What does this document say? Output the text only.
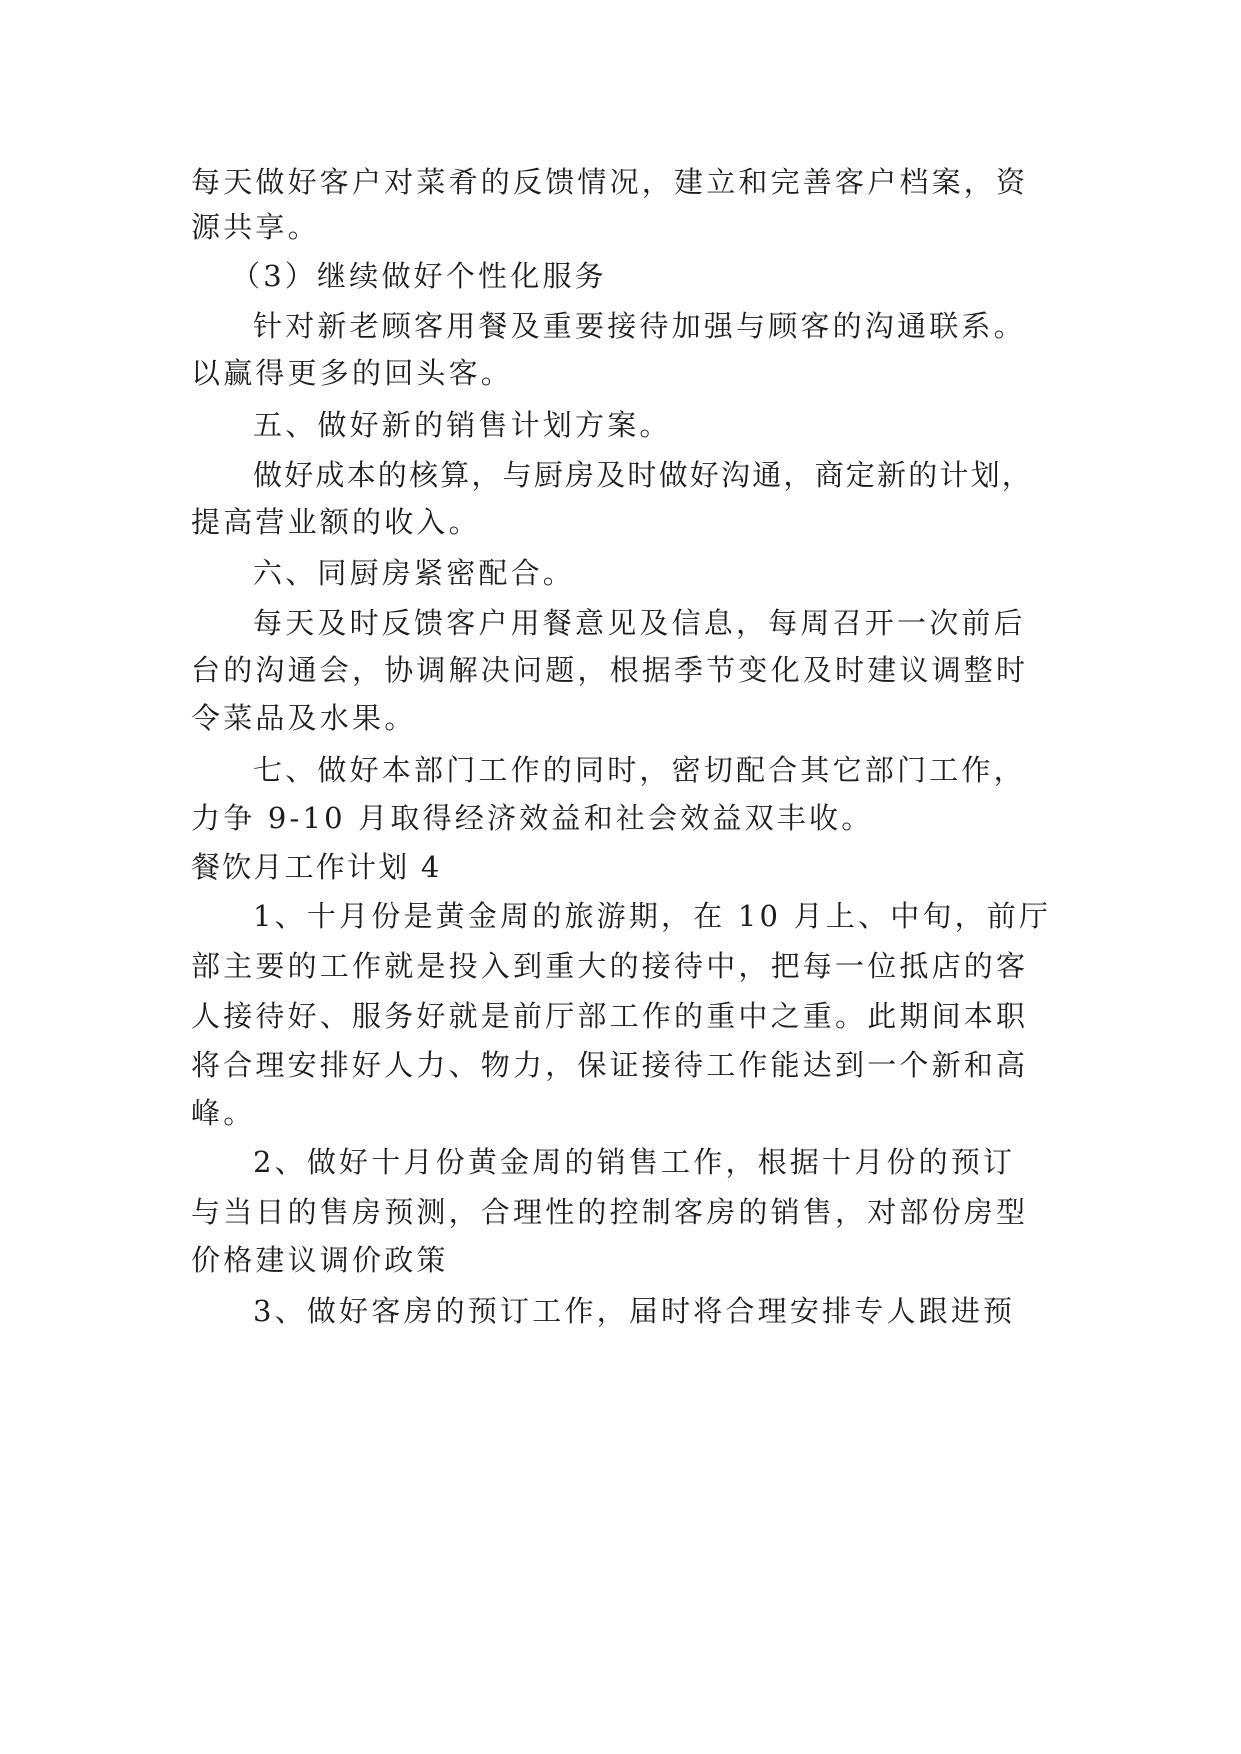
每天做好客户对菜肴的反馈情况，建立和完善客户档案，资
源共享。
（3）继续做好个性化服务
针对新老顾客用餐及重要接待加强与顾客的沟通联系。
以赢得更多的回头客。
五、做好新的销售计划方案。
做好成本的核算，与厨房及时做好沟通，商定新的计划，
提高营业额的收入。
六、同厨房紧密配合。
每天及时反馈客户用餐意见及信息，每周召开一次前后
台的沟通会，协调解决问题，根据季节变化及时建议调整时
令菜品及水果。
七、做好本部门工作的同时，密切配合其它部门工作，
力争 9-10 月取得经济效益和社会效益双丰收。
餐饮月工作计划 4
1、十月份是黄金周的旅游期，在 10 月上、中旬，前厅
部主要的工作就是投入到重大的接待中，把每一位抵店的客
人接待好、服务好就是前厅部工作的重中之重。此期间本职
将合理安排好人力、物力，保证接待工作能达到一个新和高
峰。
2、做好十月份黄金周的销售工作，根据十月份的预订
与当日的售房预测，合理性的控制客房的销售，对部份房型
价格建议调价政策
3、做好客房的预订工作，届时将合理安排专人跟进预
